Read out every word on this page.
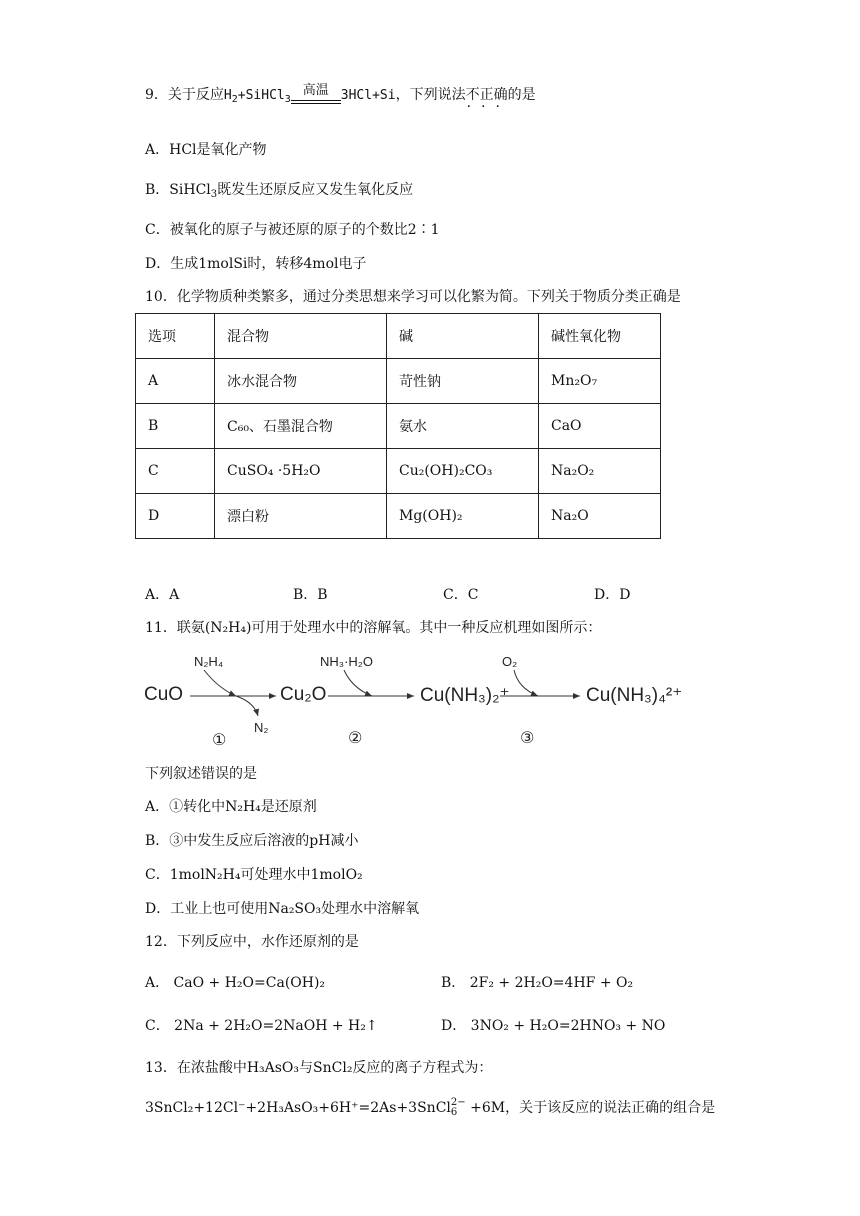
9．关于反应$H_2+SiHCl_3$
高温 3HCl+Si，下列说法不正确 · · ·的是
A．HCl是氧化产物
B．SiHCl$_3$既发生还原反应又发生氧化反应
C．被氧化的原子与被还原的原子的个数比2∶1
D．生成1molSi时，转移4mol电子
10．化学物质种类繁多，通过分类思想来学习可以化繁为简。下列关于物质分类正确是
选项	混合物	碱	碱性氧化物
A	冰水混合物	苛性钠	Mn₂O₇
B	C₆₀、石墨混合物	氨水	CaO
C	CuSO₄ ·5H₂O	Cu₂(OH)₂CO₃	Na₂O₂
D	漂白粉	Mg(OH)₂	Na₂O
A．A	B．B	C．C	D．D
11．联氨(N₂H₄)可用于处理水中的溶解氧。其中一种反应机理如图所示：
CuO	Cu₂O	Cu(NH₃)₂⁺	Cu(NH₃)₄²⁺
N₂H₄	NH₃·H₂O	O₂
N₂
①	②	③
下列叙述错误的是
A．①转化中N₂H₄是还原剂
B．③中发生反应后溶液的pH减小
C．1molN₂H₄可处理水中1molO₂
D．工业上也可使用Na₂SO₃处理水中溶解氧
12．下列反应中，水作还原剂的是
A． CaO + H₂O=Ca(OH)₂	B． 2F₂ + 2H₂O=4HF + O₂
C． 2Na + 2H₂O=2NaOH + H₂↑	D． 3NO₂ + H₂O=2HNO₃ + NO
13．在浓盐酸中H₃AsO₃与SnCl₂反应的离子方程式为：
3SnCl₂+12Cl⁻+2H₃AsO₃+6H⁺=2As+3SnCl 2−
6 +6M，关于该反应的说法正确的组合是
